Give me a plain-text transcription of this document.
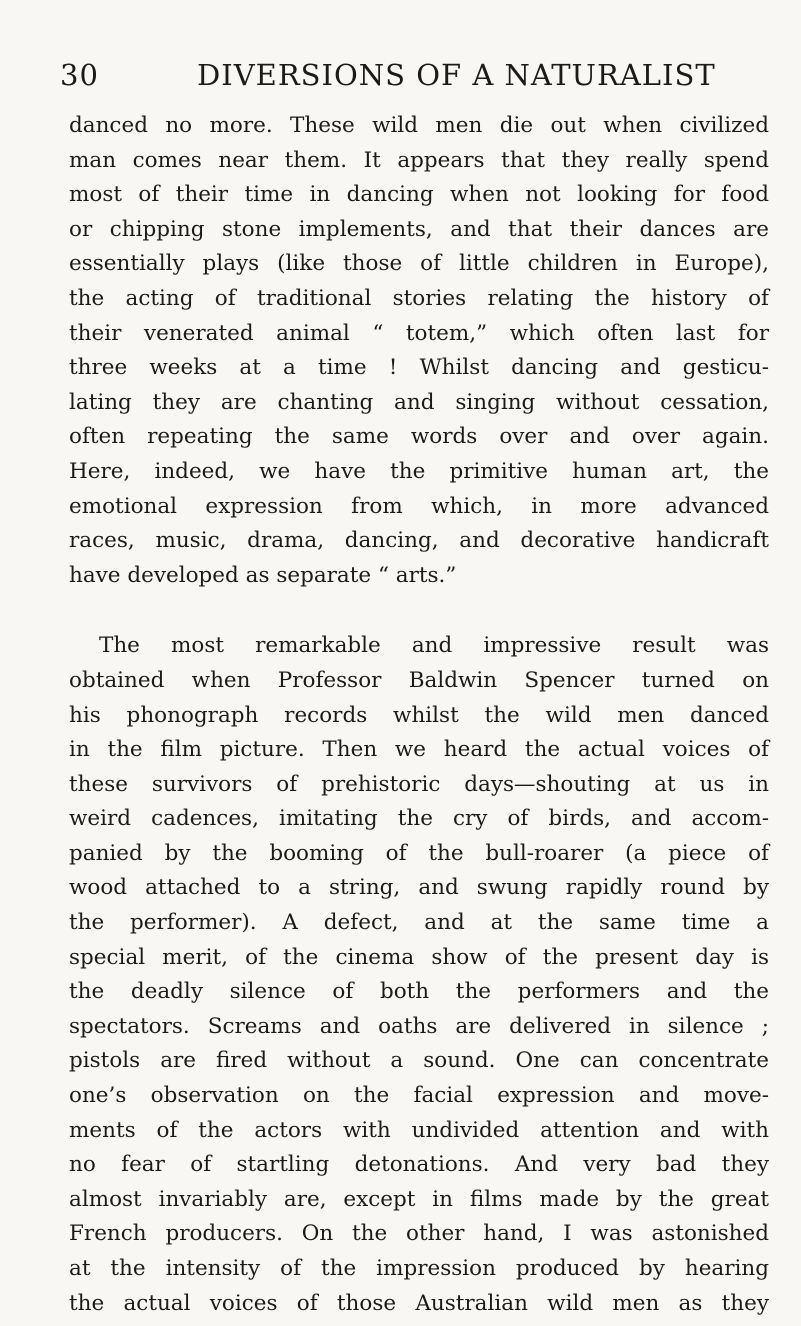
30	DIVERSIONS OF A NATURALIST
danced no more. These wild men die out when civilized
man comes near them. It appears that they really spend
most of their time in dancing when not looking for food
or chipping stone implements, and that their dances are
essentially plays (like those of little children in Europe),
the acting of traditional stories relating the history of
their venerated animal “ totem,” which often last for
three weeks at a time ! Whilst dancing and gesticu-
lating they are chanting and singing without cessation,
often repeating the same words over and over again.
Here, indeed, we have the primitive human art, the
emotional expression from which, in more advanced
races, music, drama, dancing, and decorative handicraft
have developed as separate “ arts.”
The most remarkable and impressive result was
obtained when Professor Baldwin Spencer turned on
his phonograph records whilst the wild men danced
in the film picture. Then we heard the actual voices of
these survivors of prehistoric days—shouting at us in
weird cadences, imitating the cry of birds, and accom-
panied by the booming of the bull-roarer (a piece of
wood attached to a string, and swung rapidly round by
the performer). A defect, and at the same time a
special merit, of the cinema show of the present day is
the deadly silence of both the performers and the
spectators. Screams and oaths are delivered in silence ;
pistols are fired without a sound. One can concentrate
one’s observation on the facial expression and move-
ments of the actors with undivided attention and with
no fear of startling detonations. And very bad they
almost invariably are, except in films made by the great
French producers. On the other hand, I was astonished
at the intensity of the impression produced by hearing
the actual voices of those Australian wild men as they
